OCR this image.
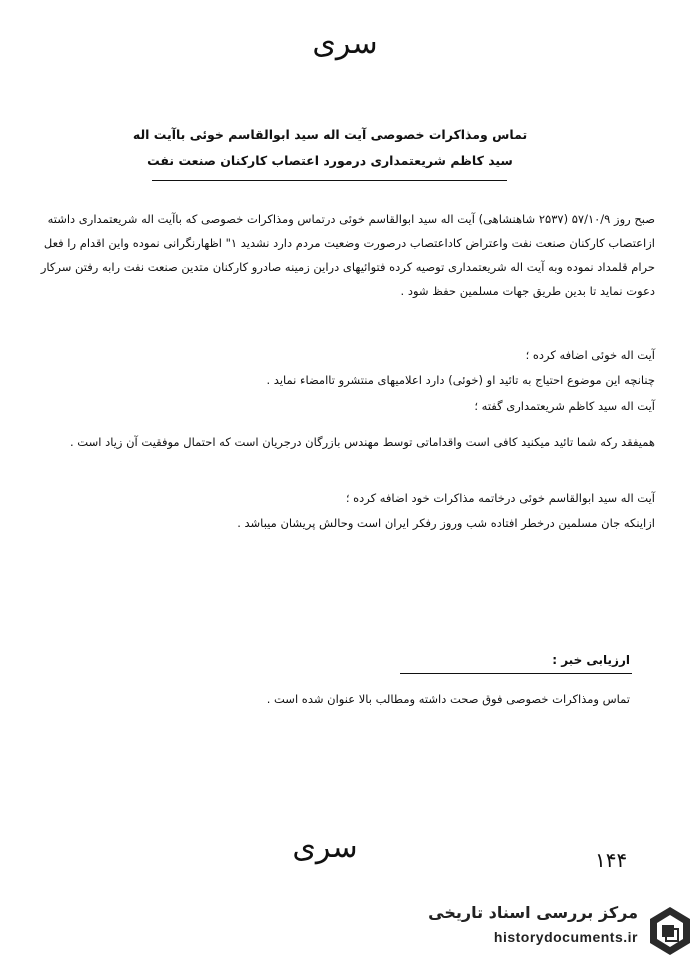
سری
تماس ومذاکرات خصوصی آیت اله سید ابوالقاسم خوئی باآیت اله
سید کاظم شریعتمداری درمورد اعتصاب کارکنان صنعت نفت
صبح روز ۵۷/۱۰/۹ (۲۵۳۷ شاهنشاهی) آیت اله سید ابوالقاسم خوئی درتماس ومذاکرات خصوصی که باآیت اله شریعتمداری داشته ازاعتصاب کارکنان صنعت نفت واعتراض کاداعتصاب درصورت وضعیت مردم دارد نشدید ۱" اظهارنگرانی نموده واین اقدام را فعل حرام قلمداد نموده وبه آیت اله شریعتمداری توصیه کرده فتوائیهای دراین زمینه صادرو کارکنان متدین صنعت نفت رابه رفتن سرکار دعوت نماید تا بدین طریق جهات مسلمین حفظ شود .
آیت اله خوئی اضافه کرده ؛
چنانچه این موضوع احتیاج به تائید او (خوئی) دارد اعلامیهای منتشرو تاامضاء نماید .
آیت اله سید کاظم شریعتمداری گفته ؛
همیفقد رکه شما تائید میکنید کافی است واقداماتی توسط مهندس بازرگان درجریان است که احتمال موفقیت آن زیاد است .
آیت اله سید ابوالقاسم خوئی درخاتمه مذاکرات خود اضافه کرده ؛
ازاینکه جان مسلمین درخطر افتاده شب وروز رفکر ایران است وحالش پریشان میباشد .
ارزیابی خبر :
تماس ومذاکرات خصوصی فوق صحت داشته ومطالب بالا عنوان شده است .
سری	۱۴۴
مرکز بررسی اسناد تاریخی
historydocuments.ir
